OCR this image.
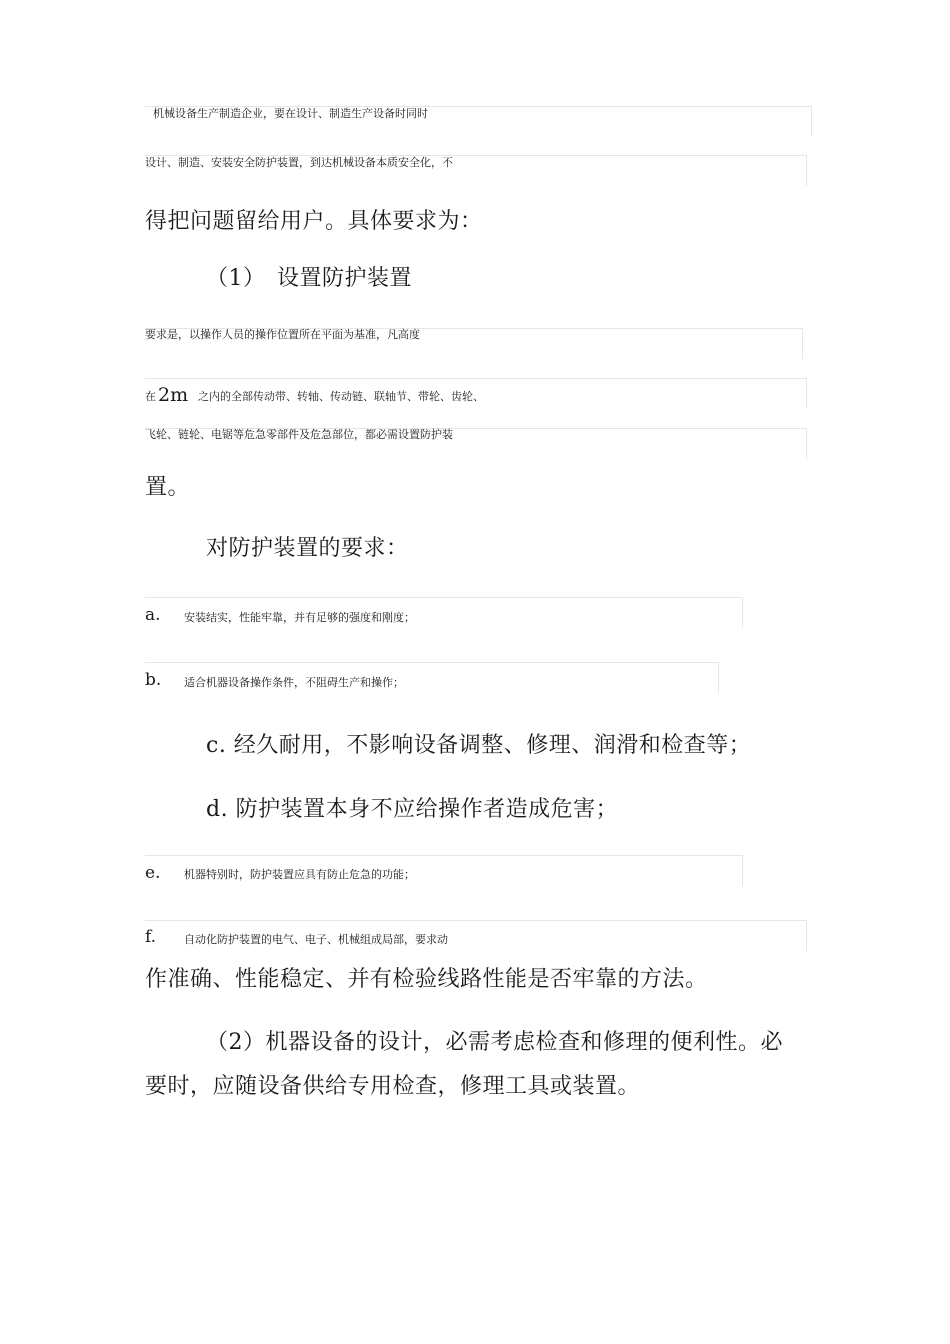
机械设备生产制造企业，要在设计、制造生产设备时同时
设计、制造、安装安全防护装置，到达机械设备本质安全化，不
得把问题留给用户。具体要求为：
（1）　设置防护装置
要求是，以操作人员的操作位置所在平面为基准，凡高度
在 2m 之内的全部传动带、转轴、传动链、联轴节、带轮、齿轮、
飞轮、链轮、电锯等危急零部件及危急部位，都必需设置防护装
置。
对防护装置的要求：
a. 安装结实，性能牢靠，并有足够的强度和刚度；
b. 适合机器设备操作条件，不阻碍生产和操作；
c. 经久耐用，不影响设备调整、修理、润滑和检查等；
d. 防护装置本身不应给操作者造成危害；
e. 机器特别时，防护装置应具有防止危急的功能；
f.	自动化防护装置的电气、电子、机械组成局部，要求动
作准确、性能稳定、并有检验线路性能是否牢靠的方法。
（2）机器设备的设计，必需考虑检查和修理的便利性。必
要时，应随设备供给专用检查，修理工具或装置。
